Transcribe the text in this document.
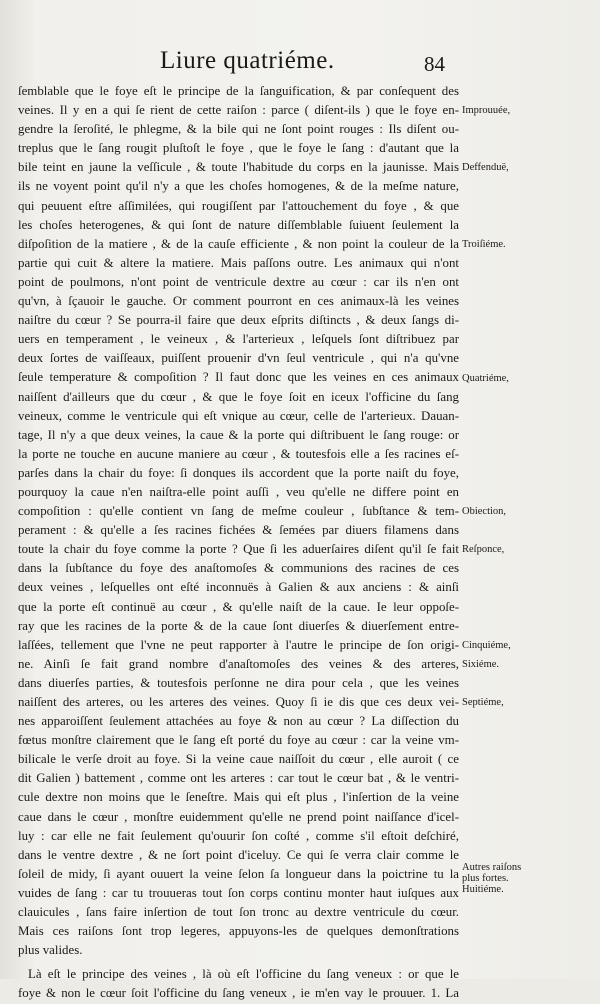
Liure quatriéme.	84
ſemblable que le foye eſt le principe de la ſanguification, & par conſequent des
veines. Il y en a qui ſe rient de cette raiſon : parce ( diſent-ils ) que le foye en-
gendre la ſeroſité, le phlegme, & la bile qui ne ſont point rouges : Ils diſent ou-
treplus que le ſang rougit pluſtoſt le foye , que le foye le ſang : d'autant que la
bile teint en jaune la veſſicule , & toute l'habitude du corps en la jaunisse. Mais
ils ne voyent point qu'il n'y a que les choſes homogenes, & de la meſme nature,
qui peuuent eſtre aſſimilées, qui rougiſſent par l'attouchement du foye , & que
les choſes heterogenes, & qui ſont de nature diſſemblable ſuiuent ſeulement la
diſpoſition de la matiere , & de la cauſe efficiente , & non point la couleur de la
partie qui cuit & altere la matiere. Mais paſſons outre. Les animaux qui n'ont
point de poulmons, n'ont point de ventricule dextre au cœur : car ils n'en ont
qu'vn, à ſçauoir le gauche. Or comment pourront en ces animaux-là les veines
naiſtre du cœur ? Se pourra-il faire que deux eſprits diſtincts , & deux ſangs di-
uers en temperament , le veineux , & l'arterieux , leſquels ſont diſtribuez par
deux ſortes de vaiſſeaux, puiſſent prouenir d'vn ſeul ventricule , qui n'a qu'vne
ſeule temperature & compoſition ? Il faut donc que les veines en ces animaux
naiſſent d'ailleurs que du cœur , & que le foye ſoit en iceux l'officine du ſang
veineux, comme le ventricule qui eſt vnique au cœur, celle de l'arterieux. Dauan-
tage, Il n'y a que deux veines, la caue & la porte qui diſtribuent le ſang rouge: or
la porte ne touche en aucune maniere au cœur , & toutesfois elle a ſes racines eſ-
parſes dans la chair du foye: ſi donques ils accordent que la porte naiſt du foye,
pourquoy la caue n'en naiſtra-elle point auſſi , veu qu'elle ne differe point en
compoſition : qu'elle contient vn ſang de meſme couleur , ſubſtance & tem-
perament : & qu'elle a ſes racines fichées & ſemées par diuers filamens dans
toute la chair du foye comme la porte ? Que ſi les aduerſaires diſent qu'il ſe fait
dans la ſubſtance du foye des anaſtomoſes & communions des racines de ces
deux veines , leſquelles ont eſté inconnuës à Galien & aux anciens : & ainſi
que la porte eſt continuë au cœur , & qu'elle naiſt de la caue. Ie leur oppoſe-
ray que les racines de la porte & de la caue ſont diuerſes & diuerſement entre-
laſſées, tellement que l'vne ne peut rapporter à l'autre le principe de ſon origi-
ne. Ainſi ſe fait grand nombre d'anaſtomoſes des veines & des arteres,
dans diuerſes parties, & toutesfois perſonne ne dira pour cela , que les veines
naiſſent des arteres, ou les arteres des veines. Quoy ſi ie dis que ces deux vei-
nes apparoiſſent ſeulement attachées au foye & non au cœur ? La diſſection du
fœtus monſtre clairement que le ſang eſt porté du foye au cœur : car la veine vm-
bilicale le verſe droit au foye. Si la veine caue naiſſoit du cœur , elle auroit ( ce
dit Galien ) battement , comme ont les arteres : car tout le cœur bat , & le ventri-
cule dextre non moins que le ſeneſtre. Mais qui eſt plus , l'inſertion de la veine
caue dans le cœur , monſtre euidemment qu'elle ne prend point naiſſance d'icel-
luy : car elle ne fait ſeulement qu'ouurir ſon coſté , comme s'il eſtoit deſchiré,
dans le ventre dextre , & ne ſort point d'iceluy. Ce qui ſe verra clair comme le
ſoleil de midy, ſi ayant ouuert la veine ſelon ſa longueur dans la poictrine tu la
vuides de ſang : car tu trouueras tout ſon corps continu monter haut iuſques aux
clauicules , ſans faire inſertion de tout ſon tronc au dextre ventricule du cœur.
Mais ces raiſons ſont trop legeres, appuyons-les de quelques demonſtrations
plus valides.
Là eſt le principe des veines , là où eſt l'officine du ſang veneux : or que le
foye & non le cœur ſoit l'officine du ſang veneux , ie m'en vay le prouuer. 1. La
Improuuée,
Deffenduë,
Troiſiéme.
Quatriéme,
Obiection,
Reſponce,
Cinquiéme,
Sixiéme.
Septiéme,
Autres raiſons
plus fortes.
Huitiéme.
